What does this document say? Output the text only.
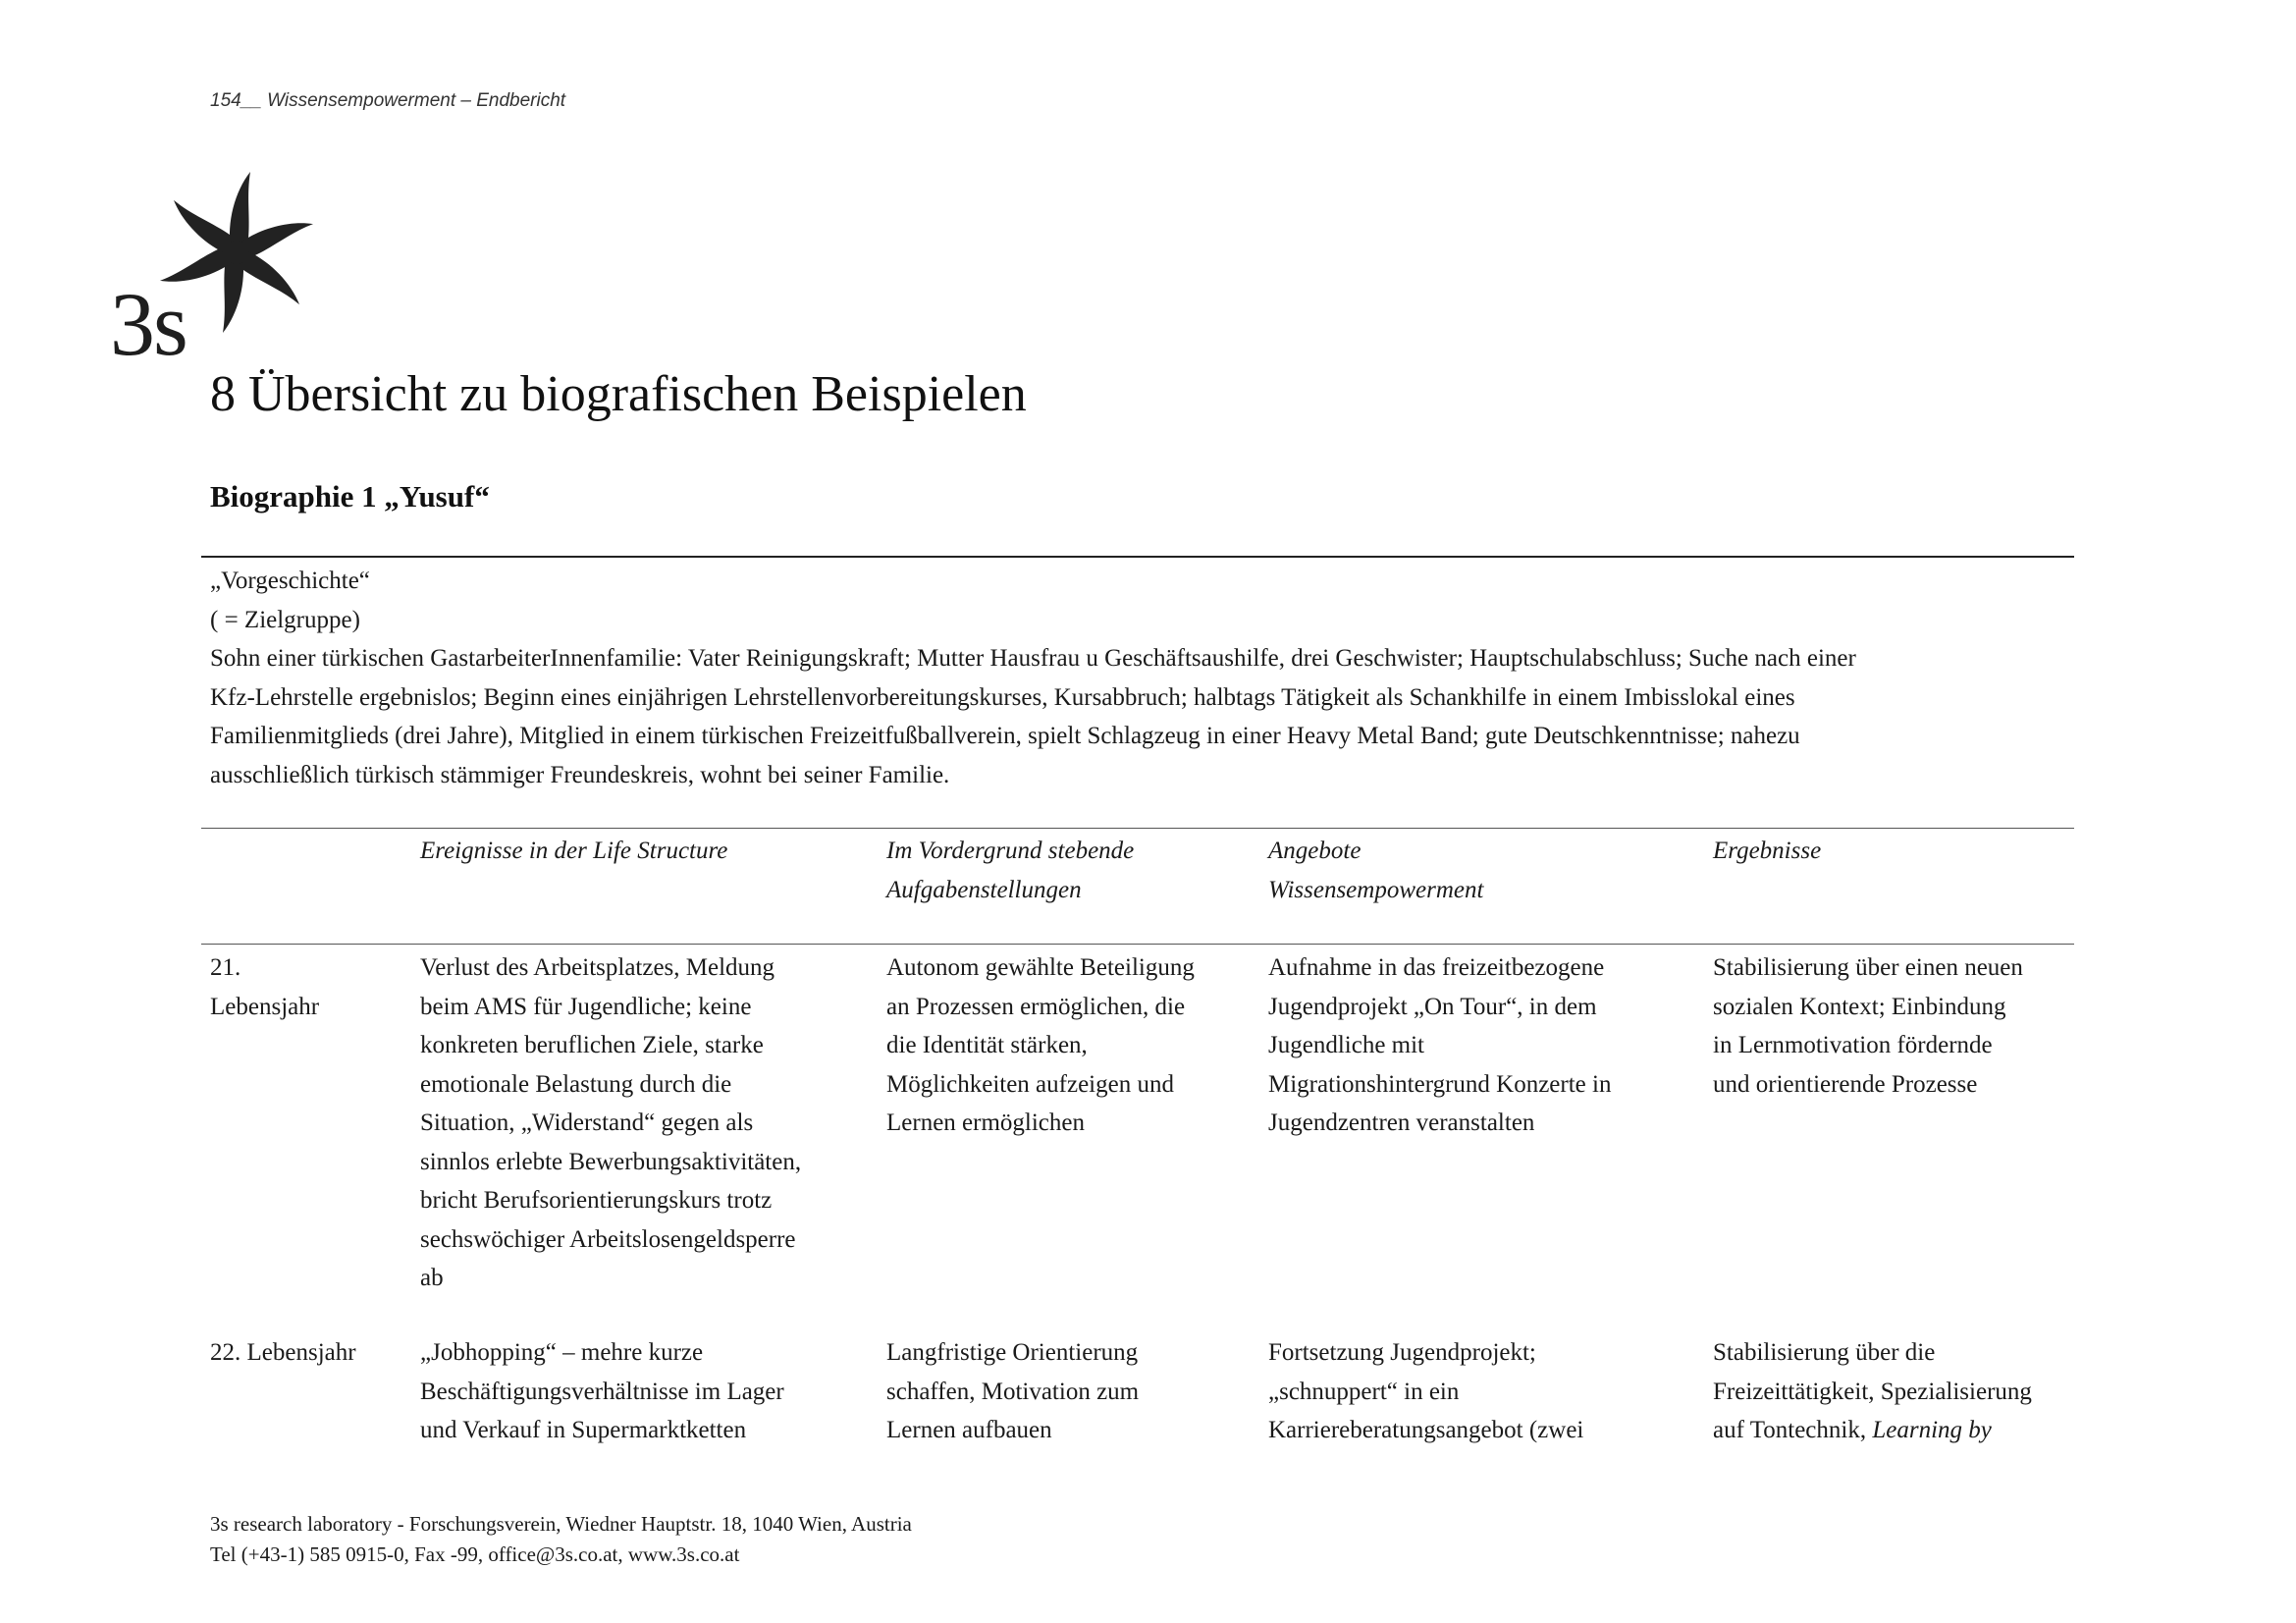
154__ Wissensempowerment – Endbericht
3s
8 Übersicht zu biografischen Beispielen
Biographie 1 „Yusuf“
„Vorgeschichte“
( = Zielgruppe)
Sohn einer türkischen GastarbeiterInnenfamilie: Vater Reinigungskraft; Mutter Hausfrau u Geschäftsaushilfe, drei Geschwister; Hauptschulabschluss; Suche nach einer
Kfz-Lehrstelle ergebnislos; Beginn eines einjährigen Lehrstellenvorbereitungskurses, Kursabbruch; halbtags Tätigkeit als Schankhilfe in einem Imbisslokal eines
Familienmitglieds (drei Jahre), Mitglied in einem türkischen Freizeitfußballverein, spielt Schlagzeug in einer Heavy Metal Band; gute Deutschkenntnisse; nahezu
ausschließlich türkisch stämmiger Freundeskreis, wohnt bei seiner Familie.
Ereignisse in der Life Structure	Im Vordergrund stebende
Aufgabenstellungen
Angebote
Wissensempowerment
Ergebnisse
21.
Lebensjahr
Verlust des Arbeitsplatzes, Meldung
beim AMS für Jugendliche; keine
konkreten beruflichen Ziele, starke
emotionale Belastung durch die
Situation, „Widerstand“ gegen als
sinnlos erlebte Bewerbungsaktivitäten,
bricht Berufsorientierungskurs trotz
sechswöchiger Arbeitslosengeldsperre
ab
Autonom gewählte Beteiligung
an Prozessen ermöglichen, die
die Identität stärken,
Möglichkeiten aufzeigen und
Lernen ermöglichen
Aufnahme in das freizeitbezogene
Jugendprojekt „On Tour“, in dem
Jugendliche mit
Migrationshintergrund Konzerte in
Jugendzentren veranstalten
Stabilisierung über einen neuen
sozialen Kontext; Einbindung
in Lernmotivation fördernde
und orientierende Prozesse
22. Lebensjahr	„Jobhopping“ – mehre kurze
Beschäftigungsverhältnisse im Lager
und Verkauf in Supermarktketten
Langfristige Orientierung
schaffen, Motivation zum
Lernen aufbauen
Fortsetzung Jugendprojekt;
„schnuppert“ in ein
Karriereberatungsangebot (zwei
Stabilisierung über die
Freizeittätigkeit, Spezialisierung
auf Tontechnik, Learning by
3s research laboratory - Forschungsverein, Wiedner Hauptstr. 18, 1040 Wien, Austria
Tel (+43-1) 585 0915-0, Fax -99, office@3s.co.at, www.3s.co.at
